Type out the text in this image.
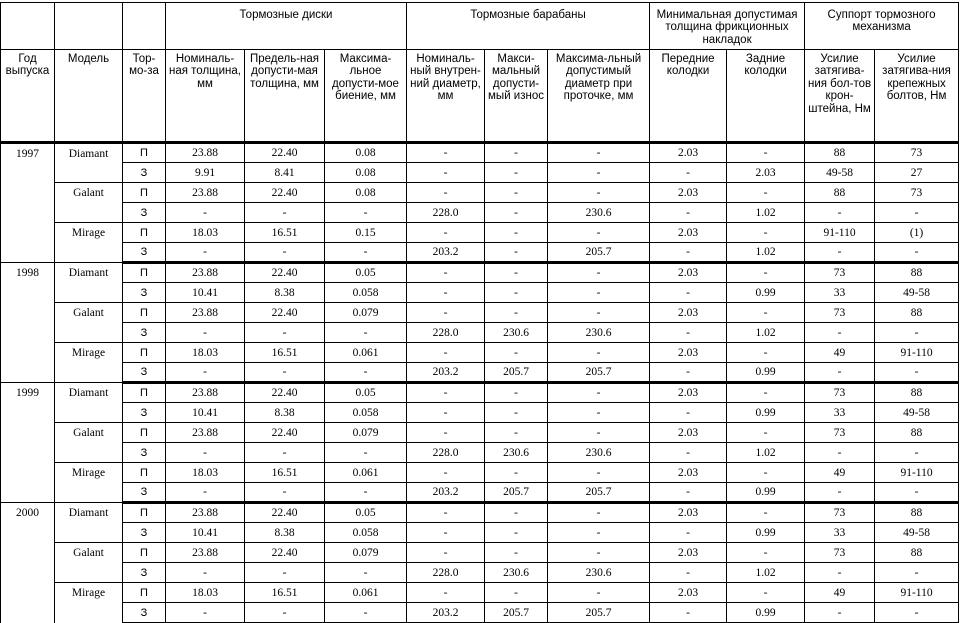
			Тормозные диски			Тормозные барабаны			Минимальная допустимая толщина фрикционных накладок		Суппорт тормозного механизма	
Год выпуска	Модель	Тор-мо-за	Номиналь-ная толщина, мм	Предель-ная допусти-мая толщина, мм	Максима-льное допусти-мое биение, мм	Номиналь-ный внутрен-ний диаметр, мм	Макси-мальный допусти-мый износ	Максима-льный допустимый диаметр при проточке, мм	Передние колодки	Задние колодки	Усилие затягива-ния бол-тов крон-штейна, Нм	Усилие затягива-ния крепежных болтов, Нм
1997	Diamant	П	23.88	22.40	0.08	-	-	-	2.03	-	88	73
		З	9.91	8.41	0.08	-	-	-	-	2.03	49-58	27
	Galant	П	23.88	22.40	0.08	-	-	-	2.03	-	88	73
		З	-	-	-	228.0	-	230.6	-	1.02	-	-
	Mirage	П	18.03	16.51	0.15	-	-	-	2.03	-	91-110	(1)
		З	-	-	-	203.2	-	205.7	-	1.02	-	-
1998	Diamant	П	23.88	22.40	0.05	-	-	-	2.03	-	73	88
		З	10.41	8.38	0.058	-	-	-	-	0.99	33	49-58
	Galant	П	23.88	22.40	0.079	-	-	-	2.03	-	73	88
		З	-	-	-	228.0	230.6	230.6	-	1.02	-	-
	Mirage	П	18.03	16.51	0.061	-	-	-	2.03	-	49	91-110
		З	-	-	-	203.2	205.7	205.7	-	0.99	-	-
1999	Diamant	П	23.88	22.40	0.05	-	-	-	2.03	-	73	88
		З	10.41	8.38	0.058	-	-	-	-	0.99	33	49-58
	Galant	П	23.88	22.40	0.079	-	-	-	2.03	-	73	88
		З	-	-	-	228.0	230.6	230.6	-	1.02	-	-
	Mirage	П	18.03	16.51	0.061	-	-	-	2.03	-	49	91-110
		З	-	-	-	203.2	205.7	205.7	-	0.99	-	-
2000	Diamant	П	23.88	22.40	0.05	-	-	-	2.03	-	73	88
		З	10.41	8.38	0.058	-	-	-	-	0.99	33	49-58
	Galant	П	23.88	22.40	0.079	-	-	-	2.03	-	73	88
		З	-	-	-	228.0	230.6	230.6	-	1.02	-	-
	Mirage	П	18.03	16.51	0.061	-	-	-	2.03	-	49	91-110
		З	-	-	-	203.2	205.7	205.7	-	0.99	-	-
